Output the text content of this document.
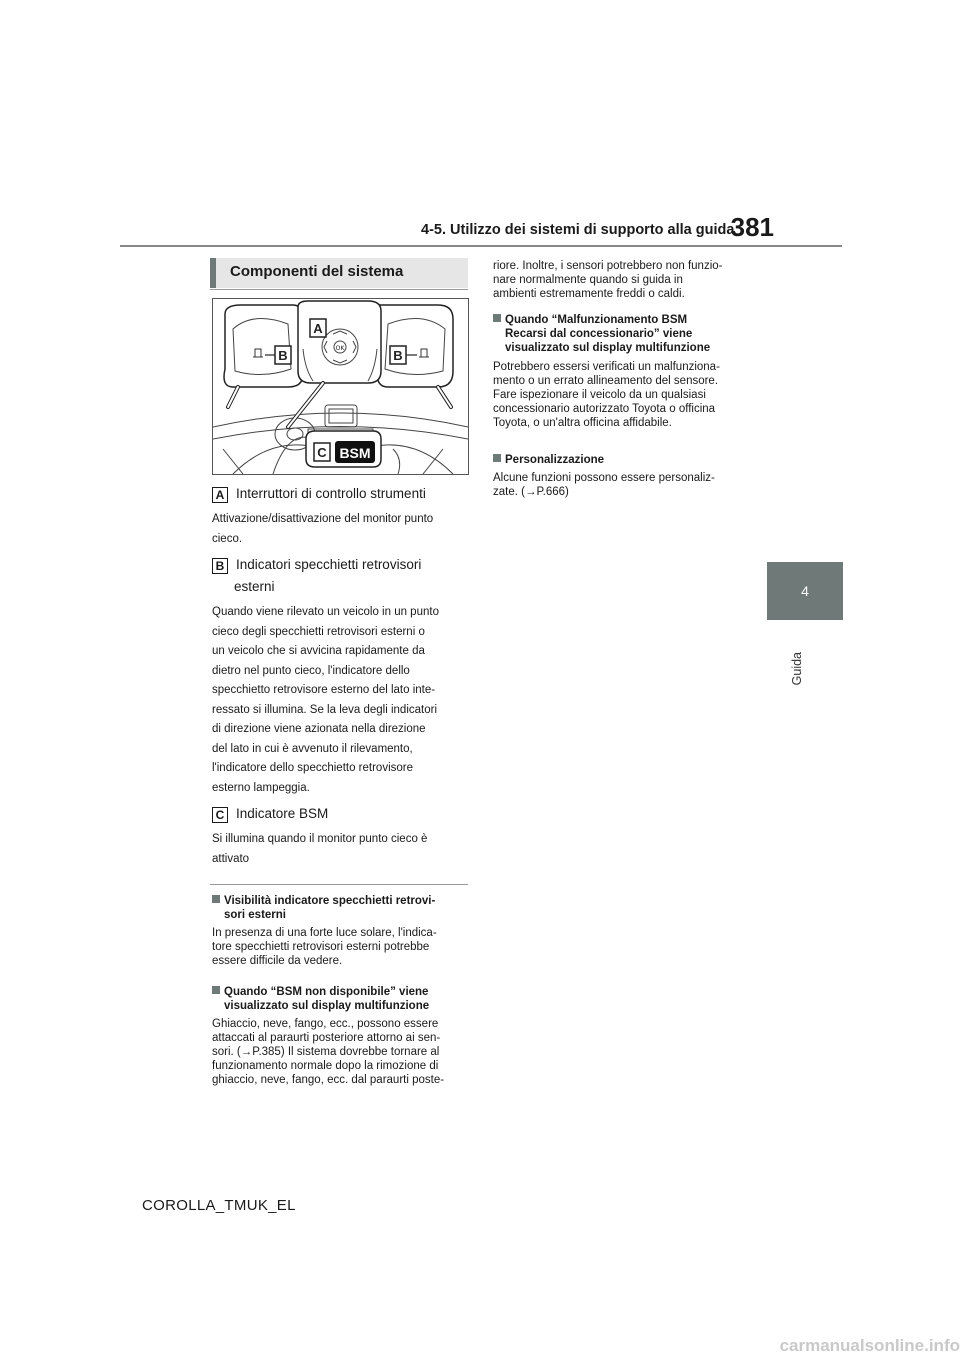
4-5. Utilizzo dei sistemi di supporto alla guida
381
4
Guida
Componenti del sistema
OK
B	B
A
C BSM
A Interruttori di controllo strumenti
Attivazione/disattivazione del monitor punto
cieco.
B Indicatori specchietti retrovisori
esterni
Quando viene rilevato un veicolo in un punto
cieco degli specchietti retrovisori esterni o
un veicolo che si avvicina rapidamente da
dietro nel punto cieco, l'indicatore dello
specchietto retrovisore esterno del lato inte-
ressato si illumina. Se la leva degli indicatori
di direzione viene azionata nella direzione
del lato in cui è avvenuto il rilevamento,
l'indicatore dello specchietto retrovisore
esterno lampeggia.
C Indicatore BSM
Si illumina quando il monitor punto cieco è
attivato
Visibilità indicatore specchietti retrovi-
sori esterni
In presenza di una forte luce solare, l'indica-
tore specchietti retrovisori esterni potrebbe
essere difficile da vedere.
Quando “BSM non disponibile” viene
visualizzato sul display multifunzione
Ghiaccio, neve, fango, ecc., possono essere
attaccati al paraurti posteriore attorno ai sen-
sori. (→P.385) Il sistema dovrebbe tornare al
funzionamento normale dopo la rimozione di
ghiaccio, neve, fango, ecc. dal paraurti poste-
riore. Inoltre, i sensori potrebbero non funzio-
nare normalmente quando si guida in
ambienti estremamente freddi o caldi.
Quando “Malfunzionamento BSM
Recarsi dal concessionario” viene
visualizzato sul display multifunzione
Potrebbero essersi verificati un malfunziona-
mento o un errato allineamento del sensore.
Fare ispezionare il veicolo da un qualsiasi
concessionario autorizzato Toyota o officina
Toyota, o un'altra officina affidabile.
Personalizzazione
Alcune funzioni possono essere personaliz-
zate. (→P.666)
COROLLA_TMUK_EL
carmanualsonline.info
